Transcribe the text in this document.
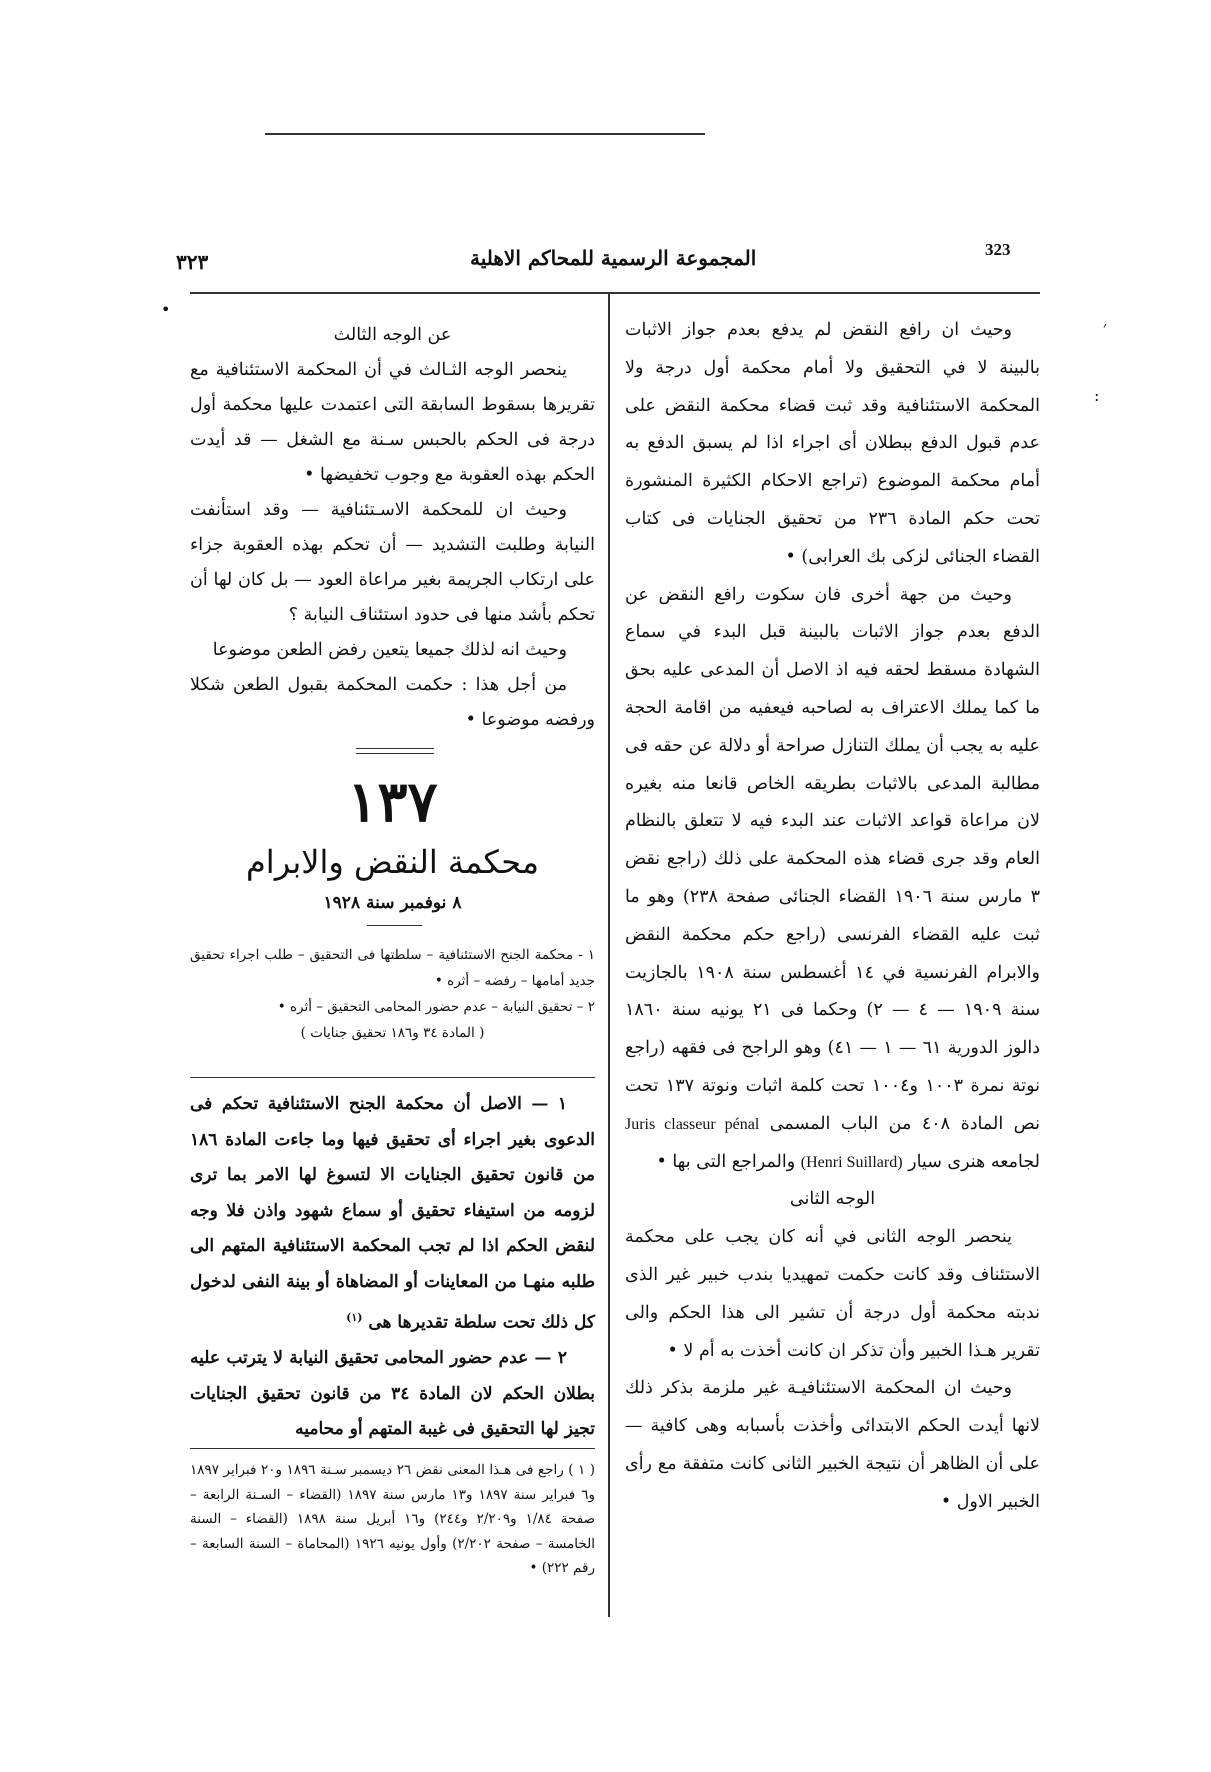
323
المجموعة الرسمية للمحاكم الاهلية
٣٢٣
׳
:
•

وحيث ان رافع النقض لم يدفع بعدم جواز الاثبات بالبينة لا في التحقيق ولا أمام محكمة أول درجة ولا المحكمة الاستئنافية وقد ثبت قضاء محكمة النقض على عدم قبول الدفع ببطلان أى اجراء اذا لم يسبق الدفع به أمام محكمة الموضوع (تراجع الاحكام الكثيرة المنشورة تحت حكم المادة ٢٣٦ من تحقيق الجنايات فى كتاب القضاء الجنائى لزكى بك العرابى) •

وحيث من جهة أخرى فان سكوت رافع النقض عن الدفع بعدم جواز الاثبات بالبينة قبل البدء في سماع الشهادة مسقط لحقه فيه اذ الاصل أن المدعى عليه بحق ما كما يملك الاعتراف به لصاحبه فيعفيه من اقامة الحجة عليه به يجب أن يملك التنازل صراحة أو دلالة عن حقه فى مطالبة المدعى بالاثبات بطريقه الخاص قانعا منه بغيره لان مراعاة قواعد الاثبات عند البدء فيه لا تتعلق بالنظام العام وقد جرى قضاء هذه المحكمة على ذلك (راجع نقض ٣ مارس سنة ١٩٠٦ القضاء الجنائى صفحة ٢٣٨) وهو ما ثبت عليه القضاء الفرنسى (راجع حكم محكمة النقض والابرام الفرنسية في ١٤ أغسطس سنة ١٩٠٨ بالجازيت سنة ١٩٠٩ — ٤ — ٢) وحكما فى ٢١ يونيه سنة ١٨٦٠ دالوز الدورية ٦١ — ١ — ٤١) وهو الراجح فى فقهه (راجع نوتة نمرة ١٠٠٣ و١٠٠٤ تحت كلمة اثبات ونوتة ١٣٧ تحت نص المادة ٤٠٨ من الباب المسمى Juris classeur pénal لجامعه هنرى سيار (Henri Suillard) والمراجع التى بها •

الوجه الثانى

ينحصر الوجه الثانى في أنه كان يجب على محكمة الاستئناف وقد كانت حكمت تمهيديا بندب خبير غير الذى ندبته محكمة أول درجة أن تشير الى هذا الحكم والى تقرير هـذا الخبير وأن تذكر ان كانت أخذت به أم لا •

وحيث ان المحكمة الاستئنافيـة غير ملزمة بذكر ذلك لانها أيدت الحكم الابتدائى وأخذت بأسبابه وهى كافية — على أن الظاهر أن نتيجة الخبير الثانى كانت متفقة مع رأى الخبير الاول •

عن الوجه الثالث

ينحصر الوجه الثـالث في أن المحكمة الاستئنافية مع تقريرها بسقوط السابقة التى اعتمدت عليها محكمة أول درجة فى الحكم بالحبس سـنة مع الشغل — قد أيدت الحكم بهذه العقوبة مع وجوب تخفيضها •

وحيث ان للمحكمة الاسـتئنافية — وقد استأنفت النيابة وطلبت التشديد — أن تحكم بهذه العقوبة جزاء على ارتكاب الجريمة بغير مراعاة العود — بل كان لها أن تحكم بأشد منها فى حدود استئناف النيابة ؟

وحيث انه لذلك جميعا يتعين رفض الطعن موضوعا

من أجل هذا : حكمت المحكمة بقبول الطعن شكلا ورفضه موضوعا •

١٣٧
محكمة النقض والابرام
٨ نوفمبر سنة ١٩٢٨

١ - محكمة الجنح الاستئنافية – سلطتها فى التحقيق – طلب اجراء تحقيق جديد أمامها – رفضه – أثره •

٢ – تحقيق النيابة – عدم حضور المحامى التحقيق – أثره •

( المادة ٣٤ و١٨٦ تحقيق جنايات )

١ — الاصل أن محكمة الجنح الاستئنافية تحكم فى الدعوى بغير اجراء أى تحقيق فيها وما جاءت المادة ١٨٦ من قانون تحقيق الجنايات الا لتسوغ لها الامر بما ترى لزومه من استيفاء تحقيق أو سماع شهود واذن فلا وجه لنقض الحكم اذا لم تجب المحكمة الاستئنافية المتهم الى طلبه منهـا من المعاينات أو المضاهاة أو بينة النفى لدخول كل ذلك تحت سلطة تقديرها هى $^{(١)}$

٢ — عدم حضور المحامى تحقيق النيابة لا يترتب عليه بطلان الحكم لان المادة ٣٤ من قانون تحقيق الجنايات تجيز لها التحقيق فى غيبة المتهم أو محاميه

( ١ ) راجع فى هـذا المعنى نقض ٢٦ ديسمبر سـنة ١٨٩٦ و٢٠ فبراير ١٨٩٧ و٦ فبراير سنة ١٨٩٧ و١٣ مارس سنة ١٨٩٧ (القضاء – السـنة الرابعة – صفحة ١/٨٤ و٢/٢٠٩ و٢٤٤) و١٦ أبريل سنة ١٨٩٨ (القضاء – السنة الخامسة – صفحة ٢/٢٠٢) وأول يونيه ١٩٢٦ (المحاماة – السنة السابعة – رقم ٢٢٢) •
